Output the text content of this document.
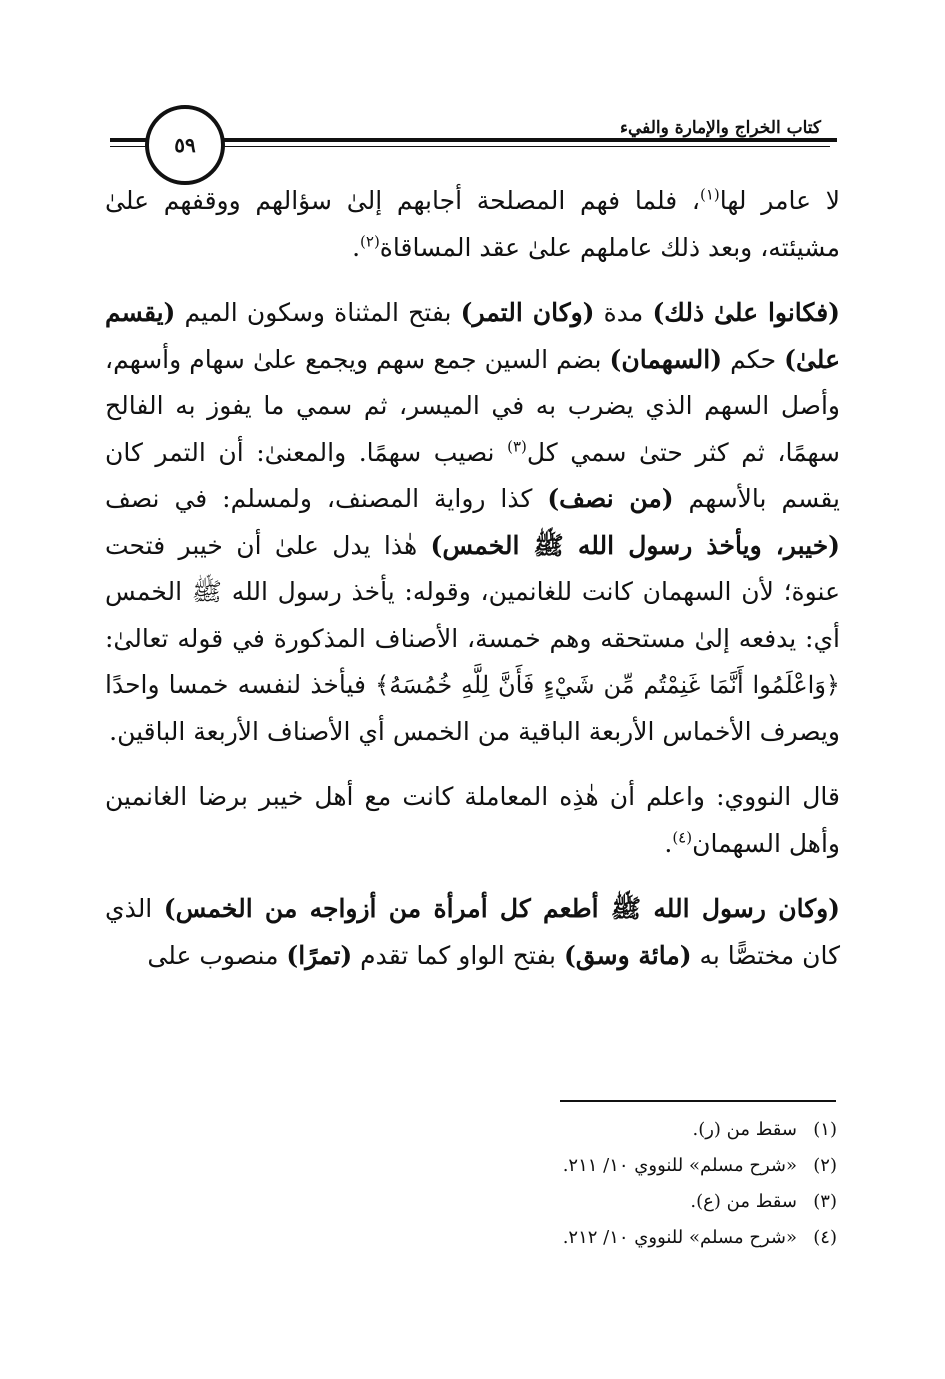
كتاب الخراج والإمارة والفيء
٥٩

لا عامر لها$^{(١)}$، فلما فهم المصلحة أجابهم إلىٰ سؤالهم ووقفهم علىٰ مشيئته، وبعد ذلك عاملهم علىٰ عقد المساقاة$^{(٢)}$.

(فكانوا علىٰ ذلك) مدة (وكان التمر) بفتح المثناة وسكون الميم (يقسم علىٰ) حكم (السهمان) بضم السين جمع سهم ويجمع علىٰ سهام وأسهم، وأصل السهم الذي يضرب به في الميسر، ثم سمي ما يفوز به الفالح سهمًا، ثم كثر حتىٰ سمي كل$^{(٣)}$ نصيب سهمًا. والمعنىٰ: أن التمر كان يقسم بالأسهم (من نصف) كذا رواية المصنف، ولمسلم: في نصف (خيبر، ويأخذ رسول الله ﷺ الخمس) هٰذا يدل علىٰ أن خيبر فتحت عنوة؛ لأن السهمان كانت للغانمين، وقوله: يأخذ رسول الله ﷺ الخمس أي: يدفعه إلىٰ مستحقه وهم خمسة، الأصناف المذكورة في قوله تعالىٰ: ﴿وَاعْلَمُوا أَنَّمَا غَنِمْتُم مِّن شَيْءٍ فَأَنَّ لِلَّهِ خُمُسَهُ﴾ فيأخذ لنفسه خمسا واحدًا ويصرف الأخماس الأربعة الباقية من الخمس أي الأصناف الأربعة الباقين.

قال النووي: واعلم أن هٰذِه المعاملة كانت مع أهل خيبر برضا الغانمين وأهل السهمان$^{(٤)}$.

(وكان رسول الله ﷺ أطعم كل أمرأة من أزواجه من الخمس) الذي كان مختصًّا به (مائة وسق) بفتح الواو كما تقدم (تمرًا) منصوب على

(١)سقط من (ر).
(٢)«شرح مسلم» للنووي ١٠/ ٢١١.
(٣)سقط من (ع).
(٤)«شرح مسلم» للنووي ١٠/ ٢١٢.
